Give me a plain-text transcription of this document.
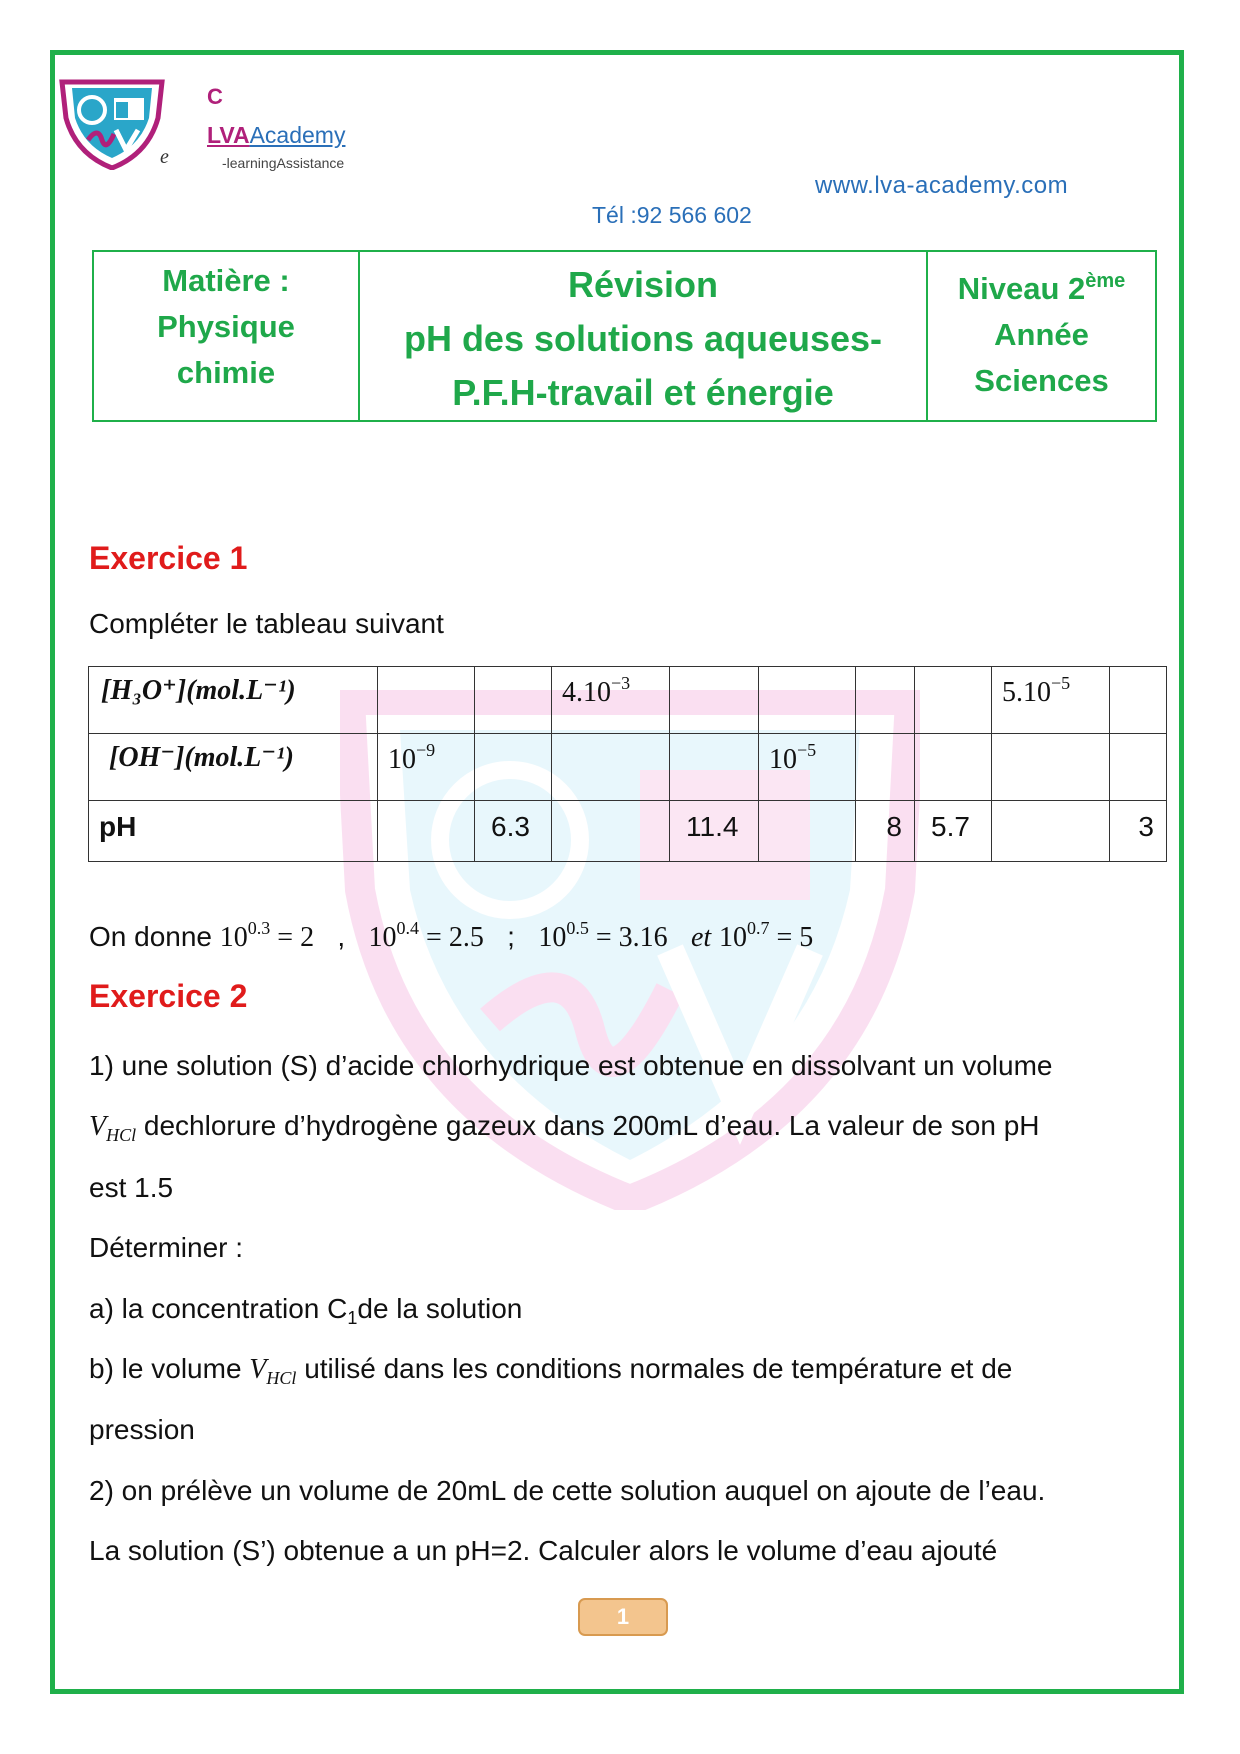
C
LVAAcademy
e	-learningAssistance
www.lva-academy.com
Tél :92 566 602
Matière :
Physique
chimie

Révision
pH des solutions aqueuses-
P.F.H-travail et énergie

Niveau 2ème
Année
Sciences
Exercice 1
Compléter le tableau suivant
[H₃O⁺](mol.L⁻¹)			$4.10^{-3}$					$5.10^{-5}$

[OH⁻](mol.L⁻¹)	$10^{-9}$				$10^{-5}$

pH		6.3		11.4		8	5.7		3
On donne $10^{0.3} = 2$   ,   $10^{0.4} = 2.5$   ;   $10^{0.5} = 3.16$ et $10^{0.7} = 5$
Exercice 2
1) une solution (S) d’acide chlorhydrique est obtenue en dissolvant un volume
$V_{HCl}$ dechlorure d’hydrogène gazeux dans 200mL d’eau. La valeur de son pH
est 1.5
Déterminer :
a) la concentration $C_1de$ la solution
b) le volume $V_{HCl}$ utilisé dans les conditions normales de température et de
pression
2) on prélève un volume de 20mL de cette solution auquel on ajoute de l’eau.
La solution (S’) obtenue a un pH=2. Calculer alors le volume d’eau ajouté
1
